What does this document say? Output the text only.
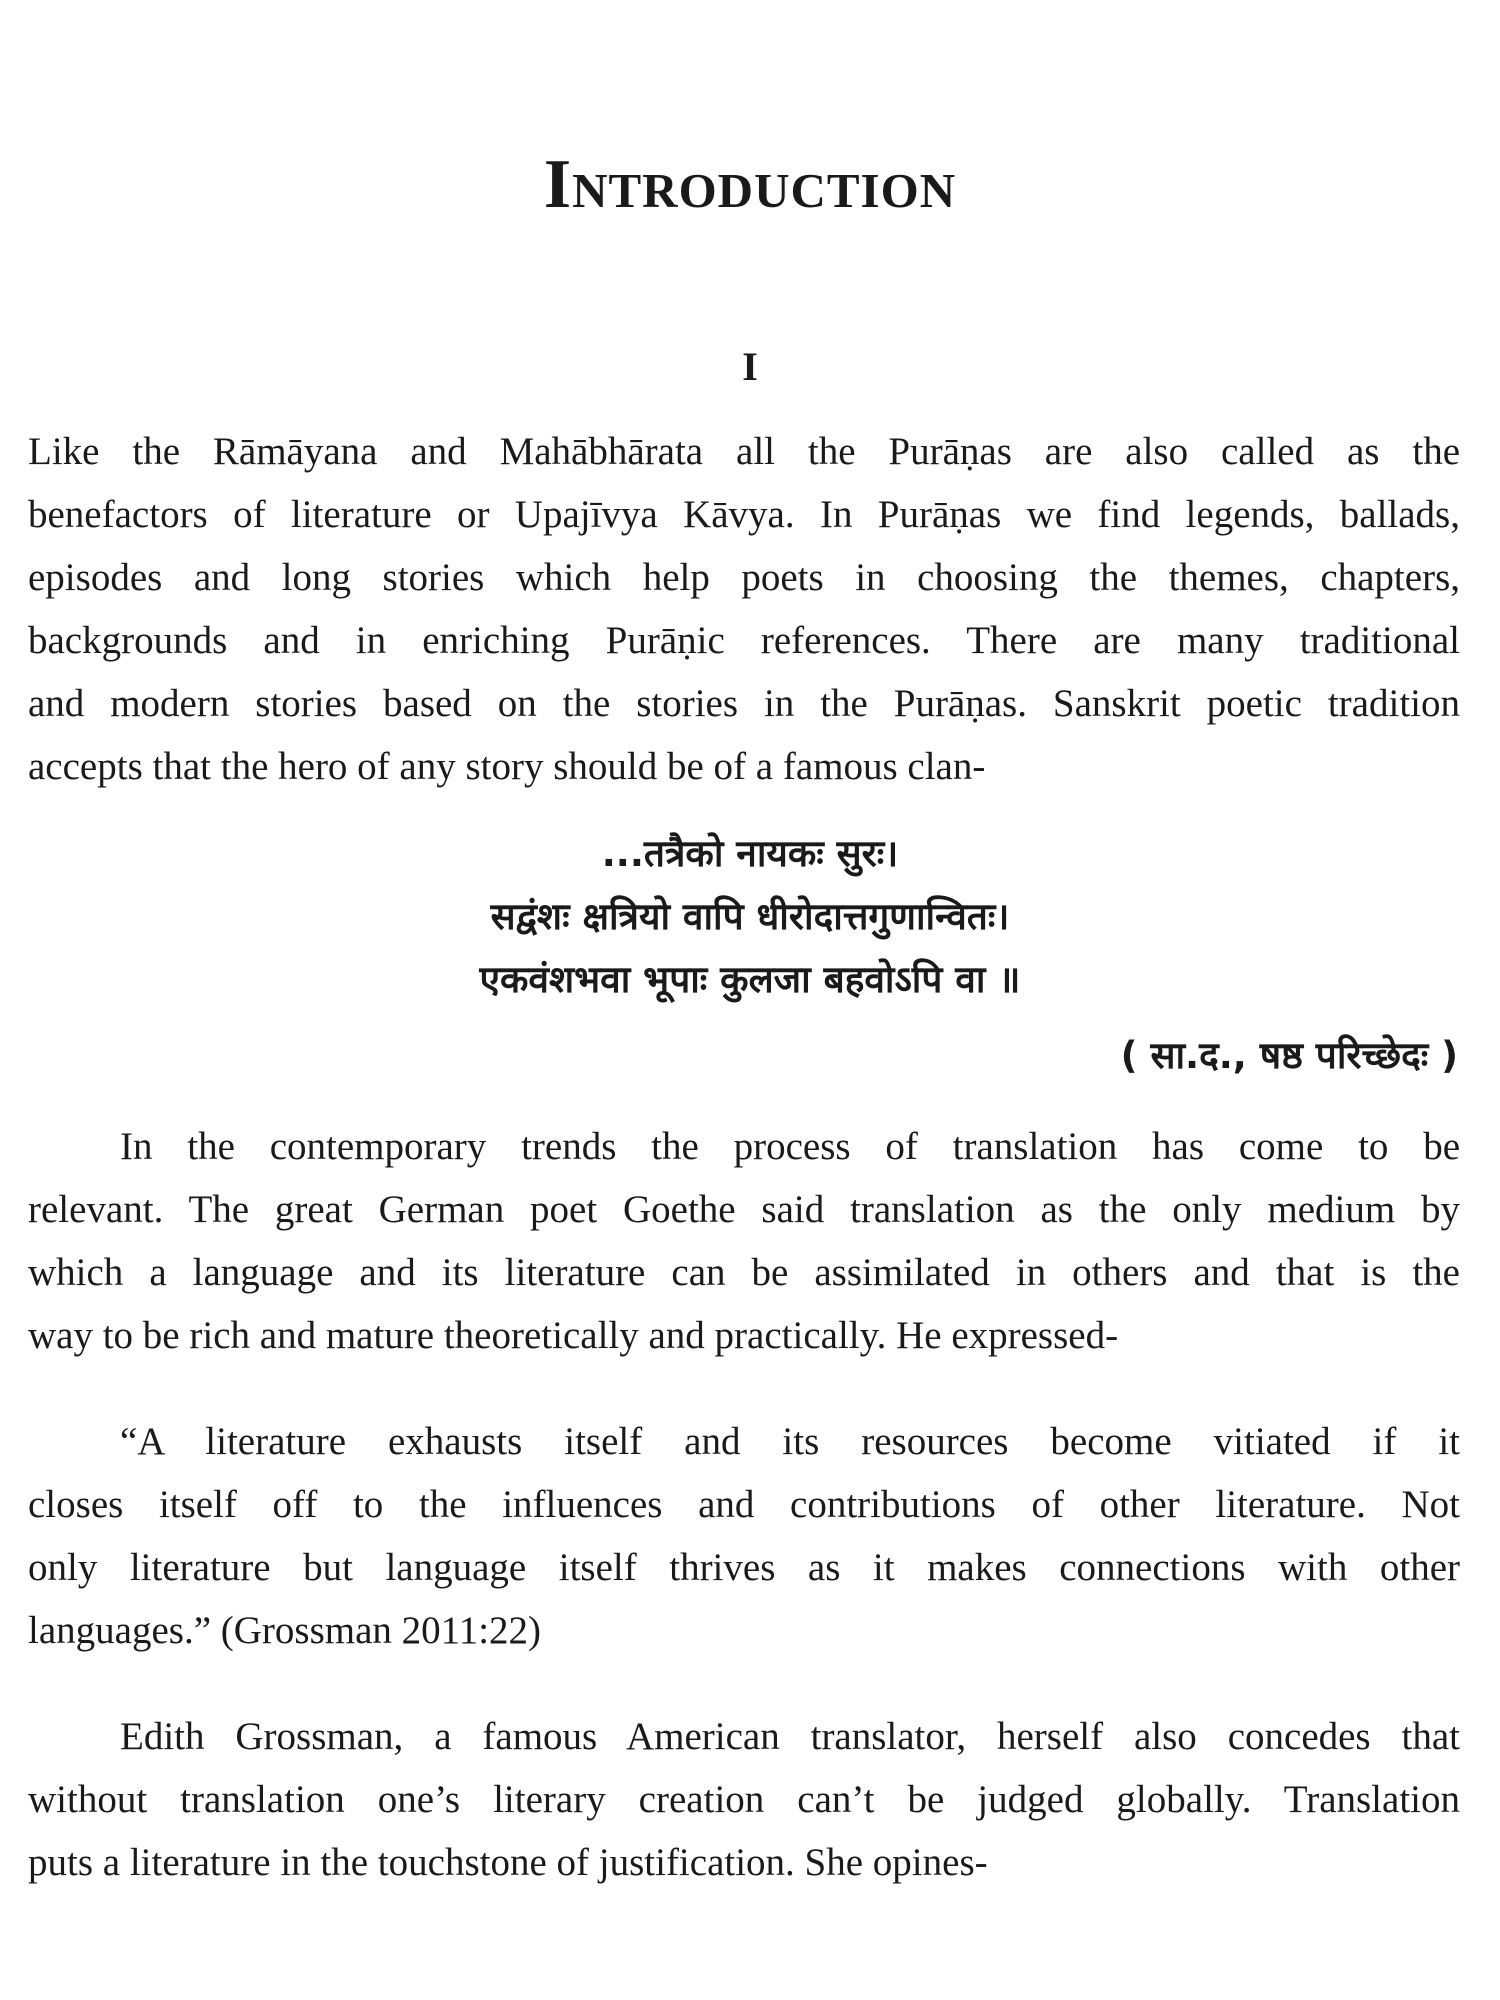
Introduction
I

Like the Rāmāyana and Mahābhārata all the Purāṇas are also called as the
benefactors of literature or Upajīvya Kāvya. In Purāṇas we find legends, ballads,
episodes and long stories which help poets in choosing the themes, chapters,
backgrounds and in enriching Purāṇic references. There are many traditional
and modern stories based on the stories in the Purāṇas. Sanskrit poetic tradition
accepts that the hero of any story should be of a famous clan-

...तत्रैको नायकः सुरः।
सद्वंशः क्षत्रियो वापि धीरोदात्तगुणान्वितः।
एकवंशभवा भूपाः कुलजा बहवोऽपि वा ॥
( सा.द., षष्ठ परिच्छेदः )

In the contemporary trends the process of translation has come to be
relevant. The great German poet Goethe said translation as the only medium by
which a language and its literature can be assimilated in others and that is the
way to be rich and mature theoretically and practically. He expressed-

“A literature exhausts itself and its resources become vitiated if it
closes itself off to the influences and contributions of other literature. Not
only literature but language itself thrives as it makes connections with other
languages.” (Grossman 2011:22)

Edith Grossman, a famous American translator, herself also concedes that
without translation one’s literary creation can’t be judged globally. Translation
puts a literature in the touchstone of justification. She opines-
